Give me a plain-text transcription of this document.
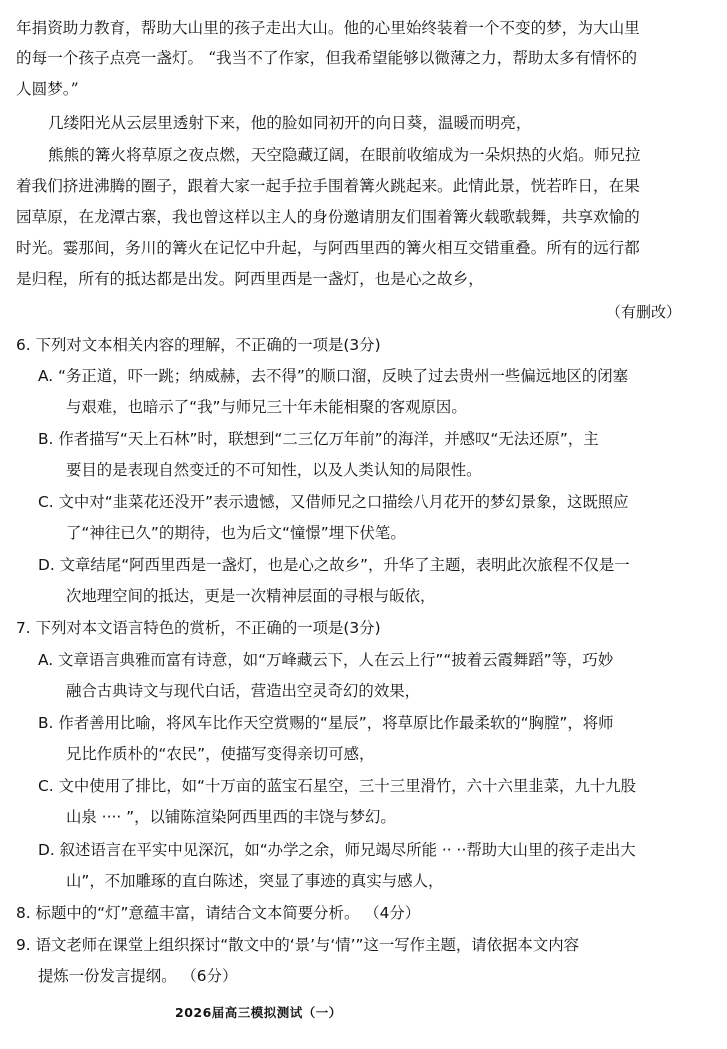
年捐资助力教育，帮助大山里的孩子走出大山。他的心里始终装着一个不变的梦，为大山里
的每一个孩子点亮一盏灯。 “我当不了作家，但我希望能够以微薄之力，帮助太多有情怀的
人圆梦。”
几缕阳光从云层里透射下来，他的脸如同初开的向日葵，温暖而明亮，
熊熊的篝火将草原之夜点燃，天空隐藏辽阔，在眼前收缩成为一朵炽热的火焰。师兄拉
着我们挤进沸腾的圈子，跟着大家一起手拉手围着篝火跳起来。此情此景，恍若昨日，在果
园草原，在龙潭古寨，我也曾这样以主人的身份邀请朋友们围着篝火载歌载舞，共享欢愉的
时光。霎那间，务川的篝火在记忆中升起，与阿西里西的篝火相互交错重叠。所有的远行都
是归程，所有的抵达都是出发。阿西里西是一盏灯，也是心之故乡，
（有删改）
6. 下列对文本相关内容的理解，不正确的一项是(3分)
A. “务正道，吓一跳；纳威赫，去不得”的顺口溜，反映了过去贵州一些偏远地区的闭塞
与艰难，也暗示了“我”与师兄三十年未能相聚的客观原因。
B. 作者描写“天上石林”时，联想到“二三亿万年前”的海洋，并感叹“无法还原”，主
要目的是表现自然变迁的不可知性，以及人类认知的局限性。
C. 文中对“韭菜花还没开”表示遗憾，又借师兄之口描绘八月花开的梦幻景象，这既照应
了“神往已久”的期待，也为后文“憧憬”埋下伏笔。
D. 文章结尾“阿西里西是一盏灯，也是心之故乡”，升华了主题，表明此次旅程不仅是一
次地理空间的抵达，更是一次精神层面的寻根与皈依，
7. 下列对本文语言特色的赏析，不正确的一项是(3分)
A. 文章语言典雅而富有诗意，如“万峰藏云下，人在云上行”“披着云霞舞蹈”等，巧妙
融合古典诗文与现代白话，营造出空灵奇幻的效果，
B. 作者善用比喻，将风车比作天空赏赐的“星辰”，将草原比作最柔软的“胸膛”，将师
兄比作质朴的“农民”，使描写变得亲切可感，
C. 文中使用了排比，如“十万亩的蓝宝石星空，三十三里滑竹，六十六里韭菜，九十九股
山泉 ···· ”，以铺陈渲染阿西里西的丰饶与梦幻。
D. 叙述语言在平实中见深沉，如“办学之余，师兄竭尽所能 ·· ··帮助大山里的孩子走出大
山”，不加雕琢的直白陈述，突显了事迹的真实与感人，
8. 标题中的“灯”意蕴丰富，请结合文本简要分析。 （4分）
9. 语文老师在课堂上组织探讨“散文中的‘景’与‘情’”这一写作主题，请依据本文内容
提炼一份发言提纲。 （6分）
2026届高三模拟测试（一）
